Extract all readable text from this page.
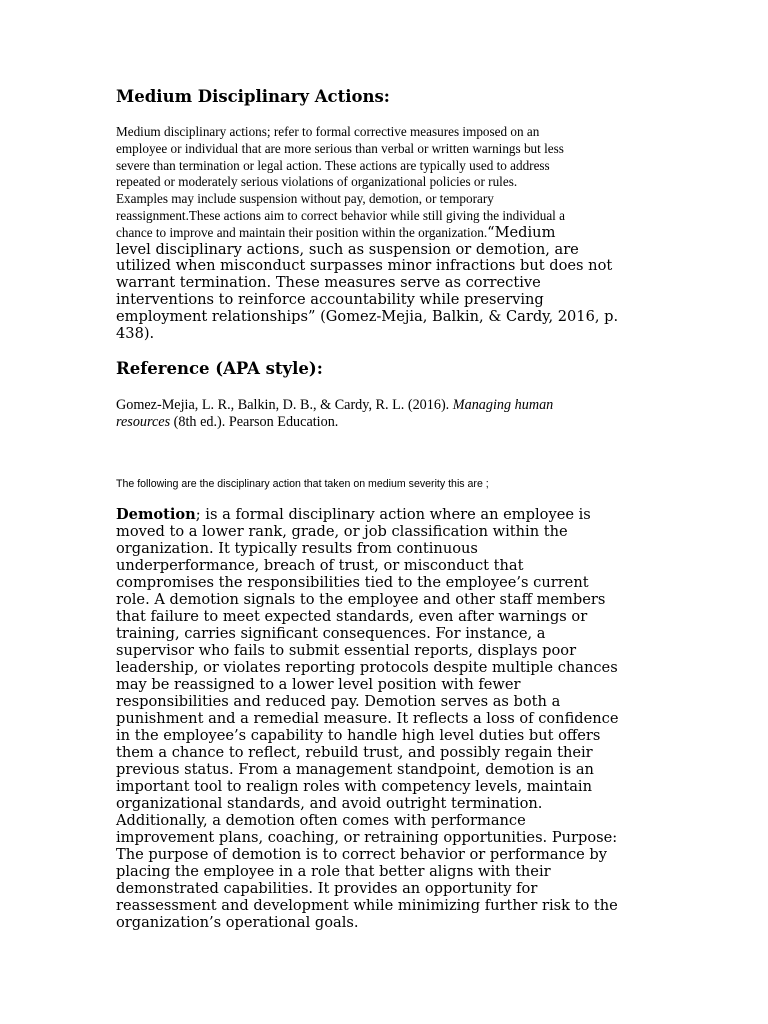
Medium Disciplinary Actions:
Medium disciplinary actions; refer to formal corrective measures imposed on an
employee or individual that are more serious than verbal or written warnings but less
severe than termination or legal action. These actions are typically used to address
repeated or moderately serious violations of organizational policies or rules.
Examples may include suspension without pay, demotion, or temporary
reassignment.These actions aim to correct behavior while still giving the individual a
chance to improve and maintain their position within the organization.“Medium
level disciplinary actions, such as suspension or demotion, are
utilized when misconduct surpasses minor infractions but does not
warrant termination. These measures serve as corrective
interventions to reinforce accountability while preserving
employment relationships” (Gomez-Mejia, Balkin, & Cardy, 2016, p.
438).
Reference (APA style):
Gomez-Mejia, L. R., Balkin, D. B., & Cardy, R. L. (2016). Managing human
resources (8th ed.). Pearson Education.
The following are the disciplinary action that taken on medium severity this are ;
Demotion; is a formal disciplinary action where an employee is
moved to a lower rank, grade, or job classification within the
organization. It typically results from continuous
underperformance, breach of trust, or misconduct that
compromises the responsibilities tied to the employee’s current
role. A demotion signals to the employee and other staff members
that failure to meet expected standards, even after warnings or
training, carries significant consequences. For instance, a
supervisor who fails to submit essential reports, displays poor
leadership, or violates reporting protocols despite multiple chances
may be reassigned to a lower level position with fewer
responsibilities and reduced pay. Demotion serves as both a
punishment and a remedial measure. It reflects a loss of confidence
in the employee’s capability to handle high level duties but offers
them a chance to reflect, rebuild trust, and possibly regain their
previous status. From a management standpoint, demotion is an
important tool to realign roles with competency levels, maintain
organizational standards, and avoid outright termination.
Additionally, a demotion often comes with performance
improvement plans, coaching, or retraining opportunities. Purpose:
The purpose of demotion is to correct behavior or performance by
placing the employee in a role that better aligns with their
demonstrated capabilities. It provides an opportunity for
reassessment and development while minimizing further risk to the
organization’s operational goals.
